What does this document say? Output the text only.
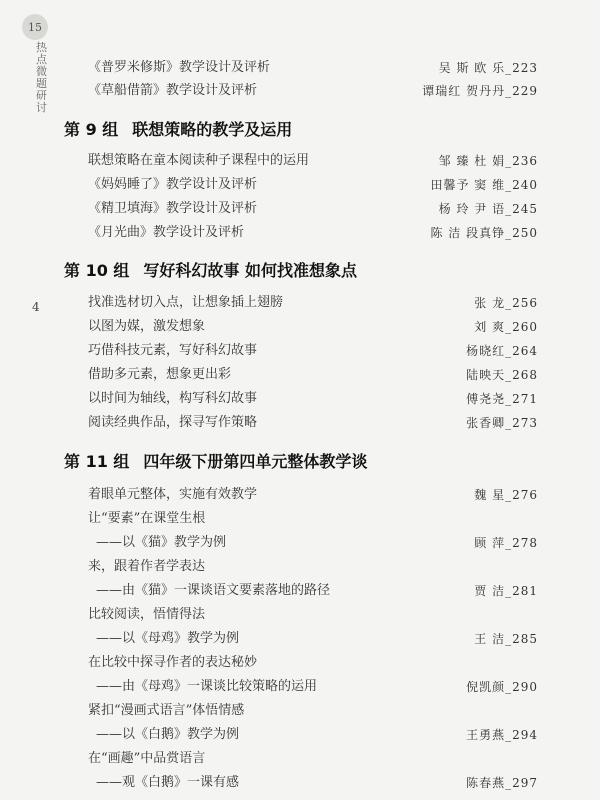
15
热点微题研讨
4
《普罗米修斯》教学设计及评析	吴 斯 欧 乐_223
《草船借箭》教学设计及评析	谭瑞红 贺丹丹_229
第 9 组 联想策略的教学及运用
联想策略在童本阅读种子课程中的运用	邹 臻 杜 娟_236
《妈妈睡了》教学设计及评析	田馨予 窦 维_240
《精卫填海》教学设计及评析	杨 玲 尹 语_245
《月光曲》教学设计及评析	陈 洁 段真铮_250
第 10 组 写好科幻故事 如何找准想象点
找准选材切入点，让想象插上翅膀	张 龙_256
以图为媒，激发想象	刘 爽_260
巧借科技元素，写好科幻故事	杨晓红_264
借助多元素，想象更出彩	陆映天_268
以时间为轴线，构写科幻故事	傅尧尧_271
阅读经典作品，探寻写作策略	张香卿_273
第 11 组 四年级下册第四单元整体教学谈
着眼单元整体，实施有效教学	魏 星_276
让“要素”在课堂生根
——以《猫》教学为例	顾 萍_278
来，跟着作者学表达
——由《猫》一课谈语文要素落地的路径	贾 洁_281
比较阅读，悟情得法
——以《母鸡》教学为例	王 洁_285
在比较中探寻作者的表达秘妙
——由《母鸡》一课谈比较策略的运用	倪凯颜_290
紧扣“漫画式语言”体悟情感
——以《白鹅》教学为例	王勇燕_294
在“画趣”中品赏语言
——观《白鹅》一课有感	陈春燕_297
